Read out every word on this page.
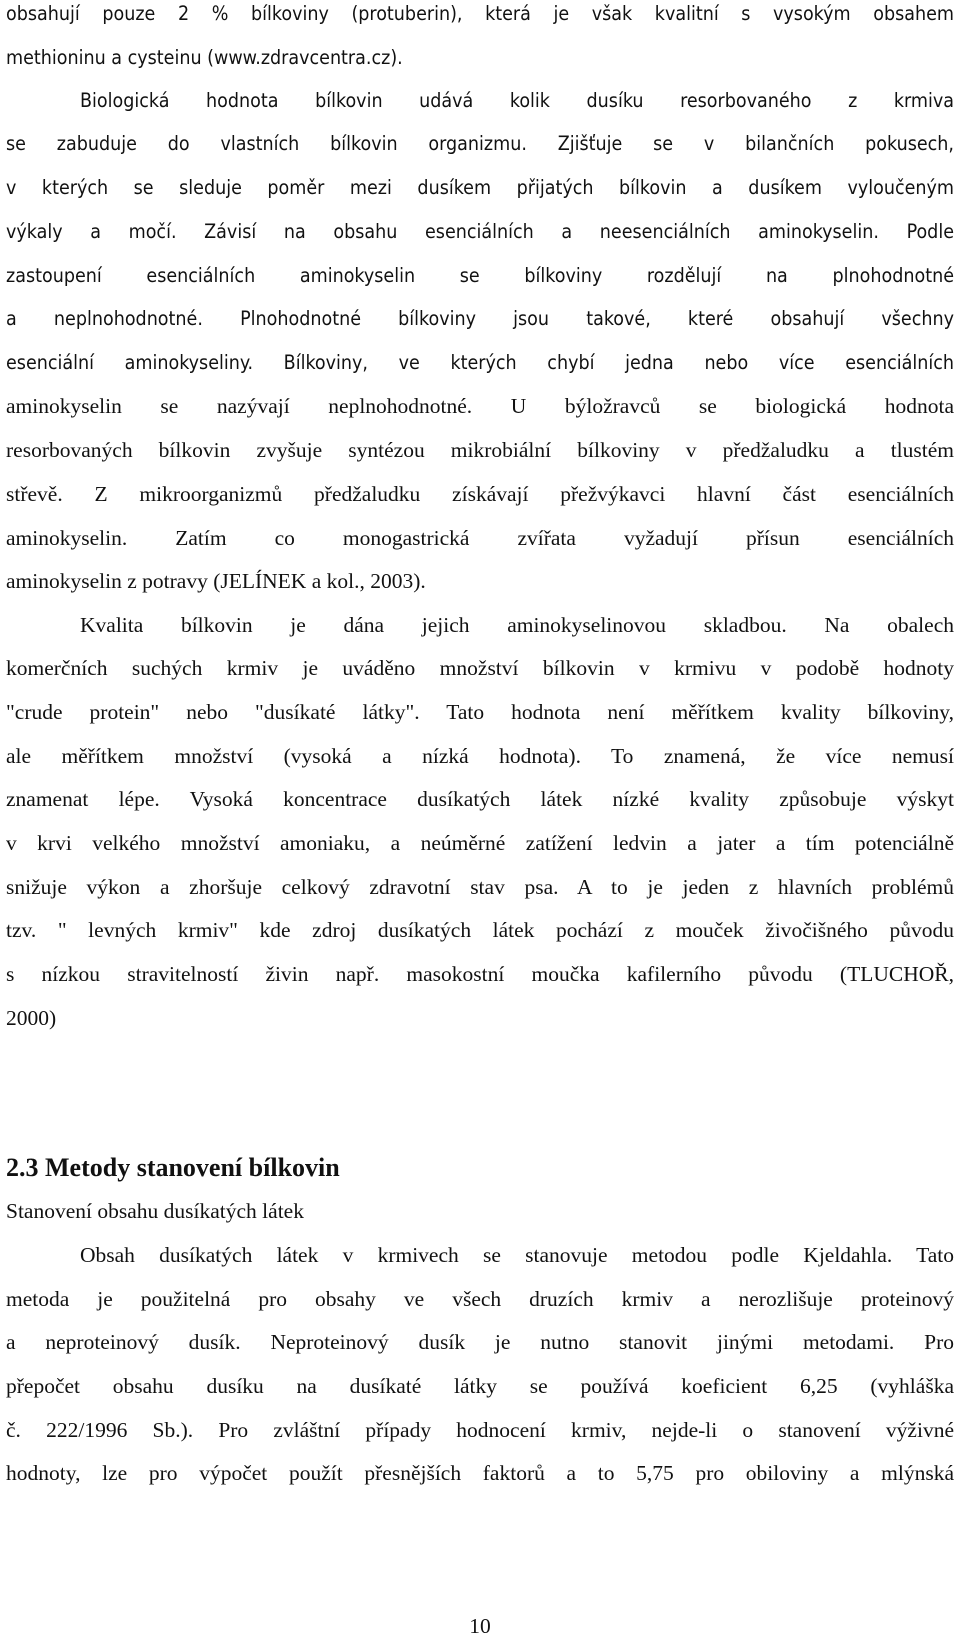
obsahují pouze 2 % bílkoviny (protuberin), která je však kvalitní s vysokým obsahem
methioninu a cysteinu (www.zdravcentra.cz).
Biologická hodnota bílkovin udává kolik dusíku resorbovaného z krmiva
se zabuduje do vlastních bílkovin organizmu. Zjišťuje se v bilančních pokusech,
v kterých se sleduje poměr mezi dusíkem přijatých bílkovin a dusíkem vyloučeným
výkaly a močí. Závisí na obsahu esenciálních a neesenciálních aminokyselin. Podle
zastoupení esenciálních aminokyselin se bílkoviny rozdělují na plnohodnotné
a neplnohodnotné. Plnohodnotné bílkoviny jsou takové, které obsahují všechny
esenciální aminokyseliny. Bílkoviny, ve kterých chybí jedna nebo více esenciálních
aminokyselin se nazývají neplnohodnotné. U býložravců se biologická hodnota
resorbovaných bílkovin zvyšuje syntézou mikrobiální bílkoviny v předžaludku a tlustém
střevě. Z mikroorganizmů předžaludku získávají přežvýkavci hlavní část esenciálních
aminokyselin. Zatím co monogastrická zvířata vyžadují přísun esenciálních
aminokyselin z potravy (JELÍNEK a kol., 2003).
Kvalita bílkovin je dána jejich aminokyselinovou skladbou. Na obalech
komerčních suchých krmiv je uváděno množství bílkovin v krmivu v podobě hodnoty
"crude protein" nebo "dusíkaté látky". Tato hodnota není měřítkem kvality bílkoviny,
ale měřítkem množství (vysoká a nízká hodnota). To znamená, že více nemusí
znamenat lépe. Vysoká koncentrace dusíkatých látek nízké kvality způsobuje výskyt
v krvi velkého množství amoniaku, a neúměrné zatížení ledvin a jater a tím potenciálně
snižuje výkon a zhoršuje celkový zdravotní stav psa. A to je jeden z hlavních problémů
tzv. " levných krmiv" kde zdroj dusíkatých látek pochází z mouček živočišného původu
s nízkou stravitelností živin např. masokostní moučka kafilerního původu (TLUCHOŘ,
2000)
2.3 Metody stanovení bílkovin
Stanovení obsahu dusíkatých látek
Obsah dusíkatých látek v krmivech se stanovuje metodou podle Kjeldahla. Tato
metoda je použitelná pro obsahy ve všech druzích krmiv a nerozlišuje proteinový
a neproteinový dusík. Neproteinový dusík je nutno stanovit jinými metodami. Pro
přepočet obsahu dusíku na dusíkaté látky se používá koeficient 6,25 (vyhláška
č. 222/1996 Sb.). Pro zvláštní případy hodnocení krmiv, nejde-li o stanovení výživné
hodnoty, lze pro výpočet použít přesnějších faktorů a to 5,75 pro obiloviny a mlýnská
10
